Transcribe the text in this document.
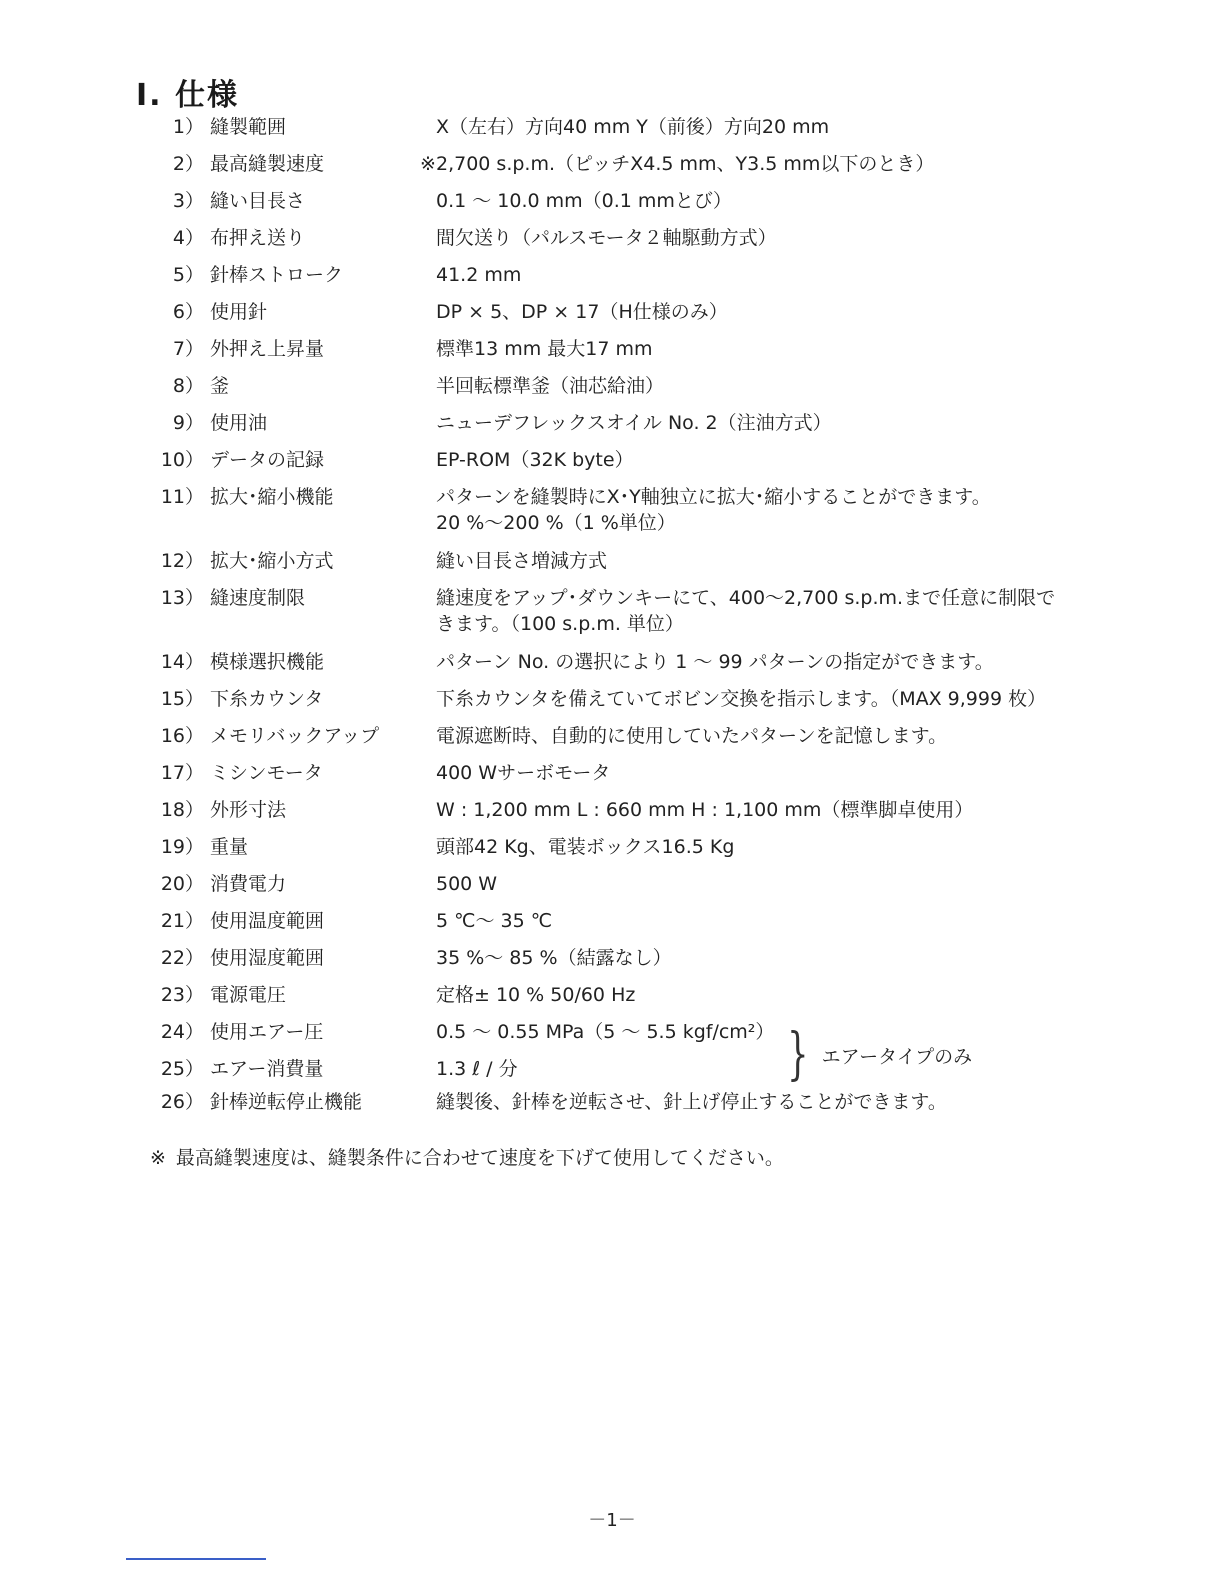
Ⅰ. 仕様
1） 縫製範囲	X（左右）方向40 mm Y（前後）方向20 mm
2） 最高縫製速度	※ 2,700 s.p.m.（ピッチX4.5 mm、Y3.5 mm以下のとき）
3） 縫い目長さ	0.1 ～ 10.0 mm（0.1 mmとび）
4） 布押え送り	間欠送り（パルスモータ２軸駆動方式）
5） 針棒ストローク	41.2 mm
6） 使用針	DP × 5、DP × 17（H仕様のみ）
7） 外押え上昇量	標準13 mm 最大17 mm
8） 釜	半回転標準釜（油芯給油）
9） 使用油	ニューデフレックスオイル No. 2（注油方式）
10） データの記録	EP-ROM（32K byte）
11） 拡大･縮小機能	パターンを縫製時にX･Y軸独立に拡大･縮小することができます。
20 %～200 %（1 %単位）
12） 拡大･縮小方式	縫い目長さ増減方式
13） 縫速度制限	縫速度をアップ･ダウンキーにて、400～2,700 s.p.m.まで任意に制限で
きます。（100 s.p.m. 単位）
14） 模様選択機能	パターン No. の選択により 1 ～ 99 パターンの指定ができます。
15） 下糸カウンタ	下糸カウンタを備えていてボビン交換を指示します。（MAX 9,999 枚）
16） メモリバックアップ	電源遮断時、自動的に使用していたパターンを記憶します。
17） ミシンモータ	400 Wサーボモータ
18） 外形寸法	W : 1,200 mm L : 660 mm H : 1,100 mm（標準脚卓使用）
19） 重量	頭部42 Kg、電装ボックス16.5 Kg
20） 消費電力	500 W
21） 使用温度範囲	5 ℃～ 35 ℃
22） 使用湿度範囲	35 %～ 85 %（結露なし）
23） 電源電圧	定格± 10 % 50/60 Hz
24） 使用エアー圧	0.5 ～ 0.55 MPa（5 ～ 5.5 kgf/cm²）
25） エアー消費量	1.3 ℓ / 分
26） 針棒逆転停止機能	縫製後、針棒を逆転させ、針上げ停止することができます。
} エアータイプのみ
※ 最高縫製速度は、縫製条件に合わせて速度を下げて使用してください。
－1－
